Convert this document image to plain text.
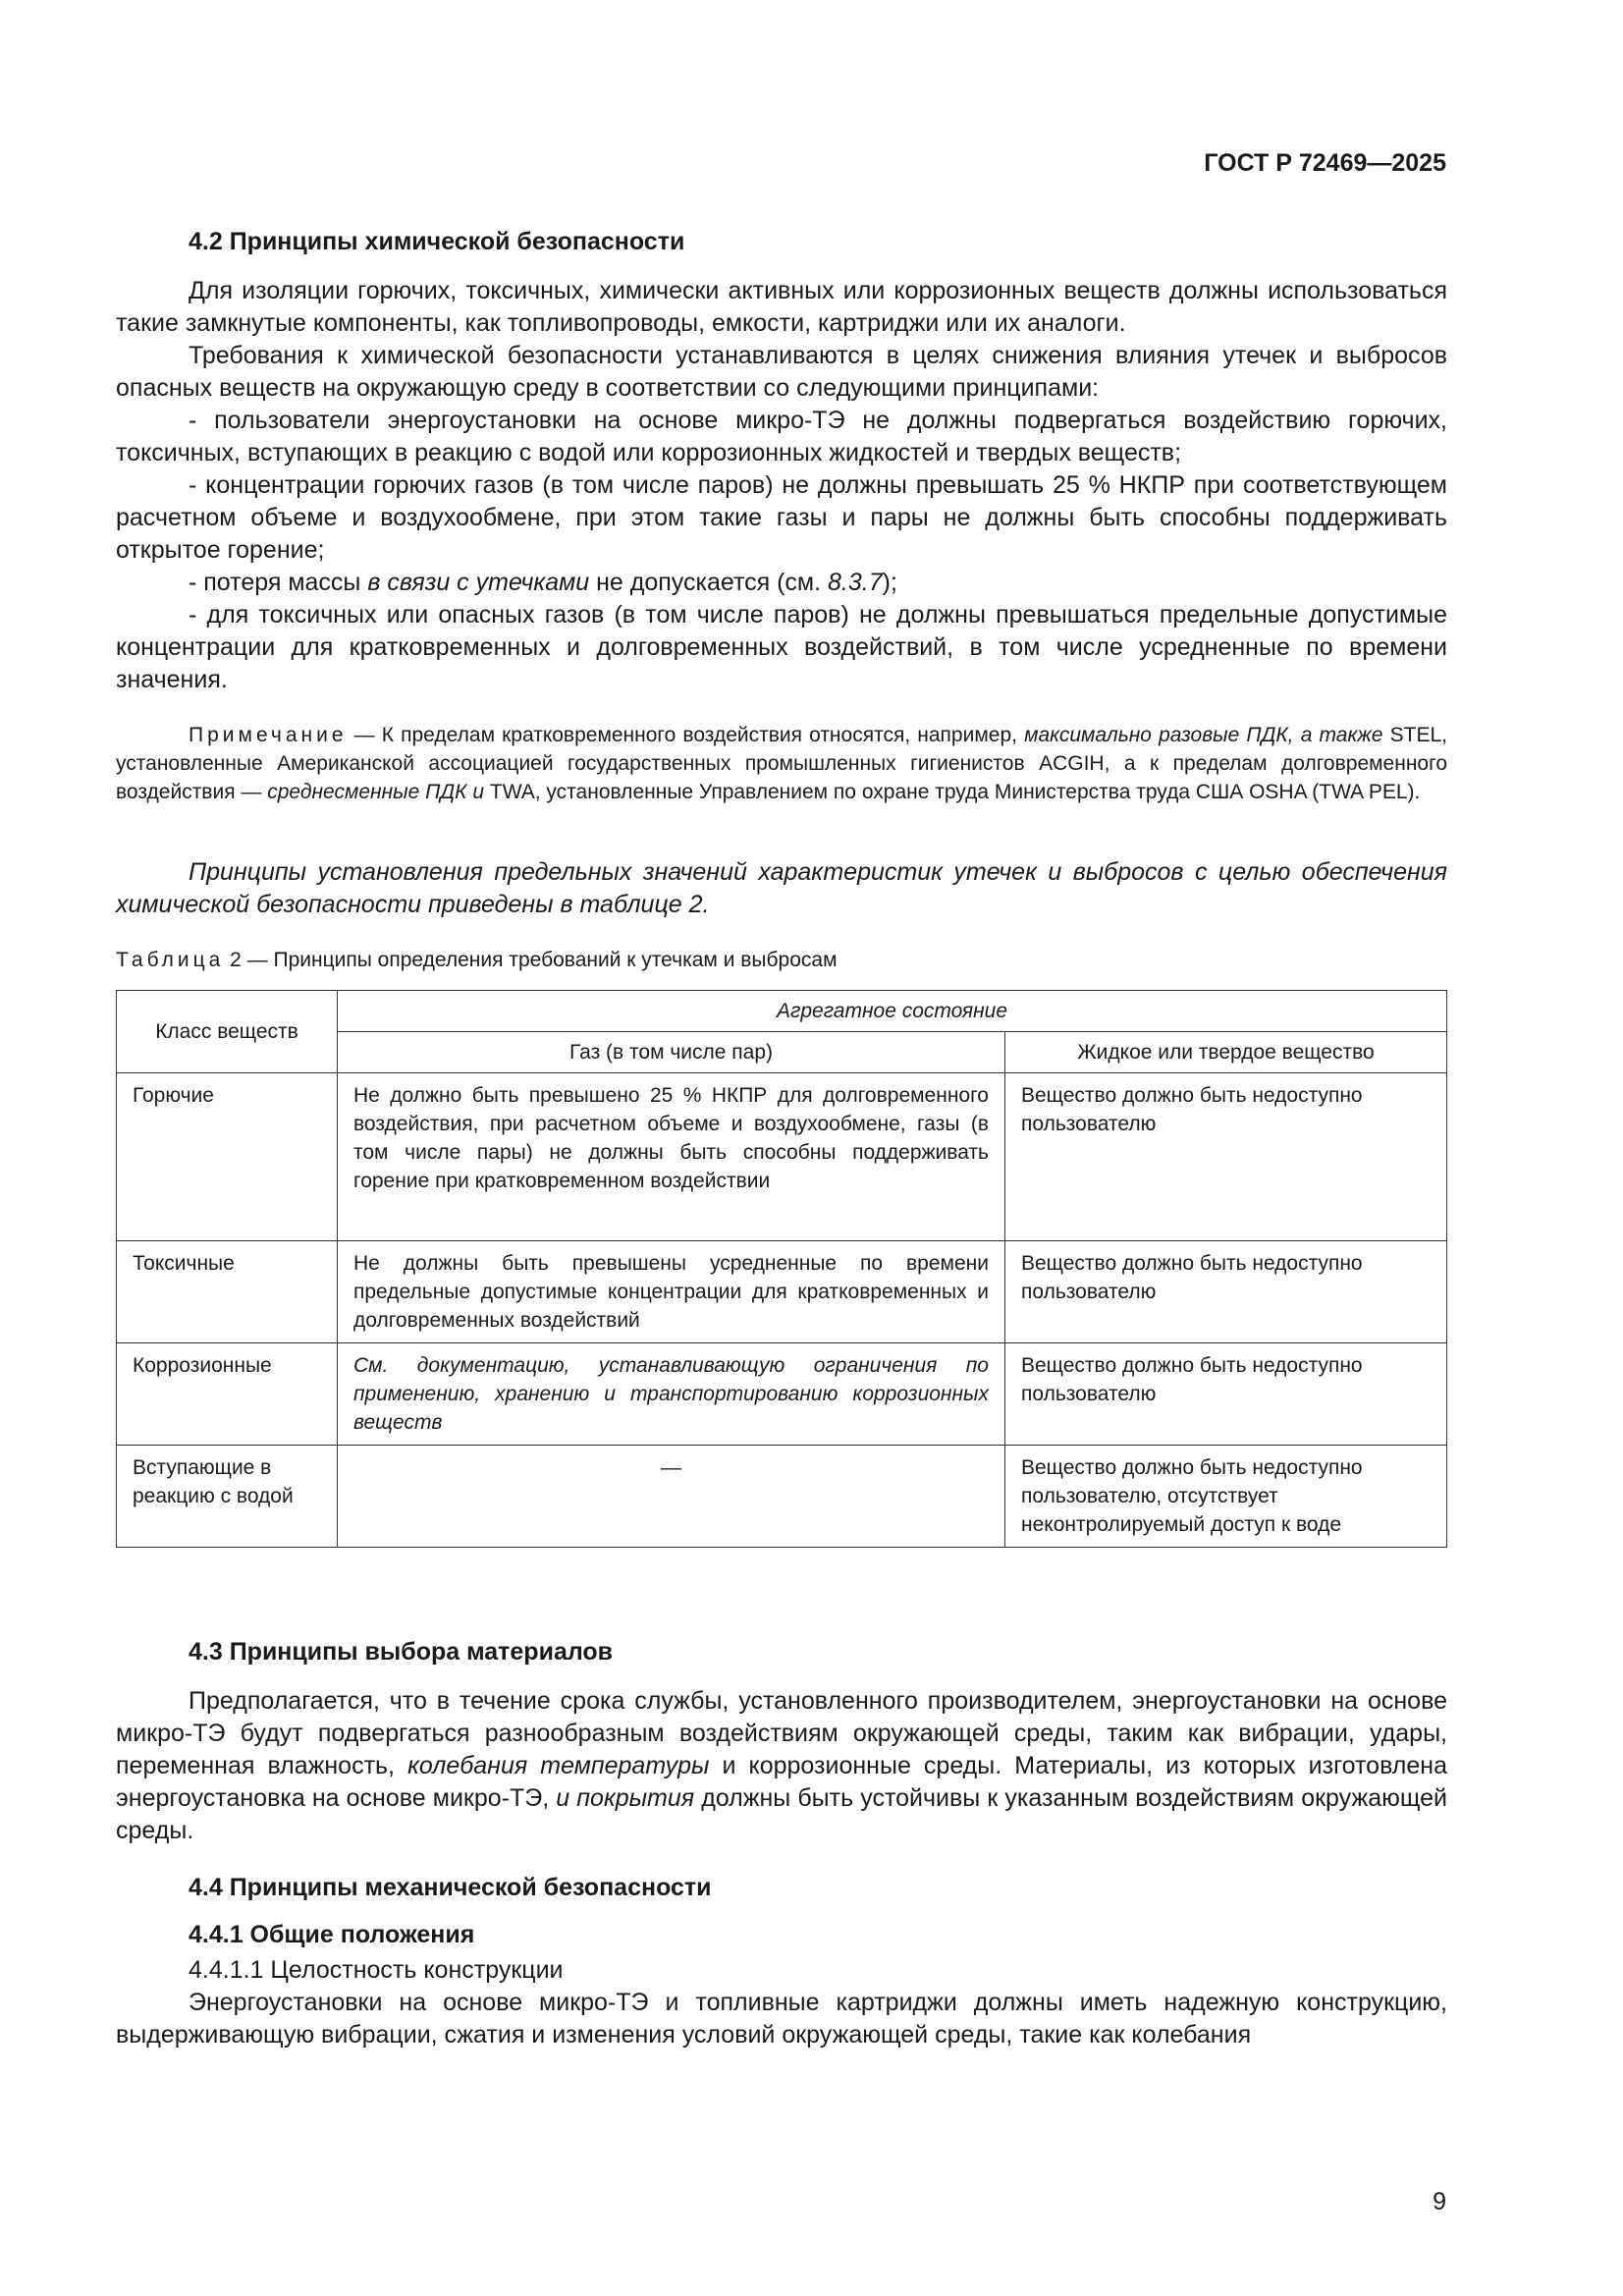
ГОСТ Р 72469—2025
4.2 Принципы химической безопасности

Для изоляции горючих, токсичных, химически активных или коррозионных веществ должны использоваться такие замкнутые компоненты, как топливопроводы, емкости, картриджи или их аналоги.

Требования к химической безопасности устанавливаются в целях снижения влияния утечек и выбросов опасных веществ на окружающую среду в соответствии со следующими принципами:

- пользователи энергоустановки на основе микро-ТЭ не должны подвергаться воздействию горючих, токсичных, вступающих в реакцию с водой или коррозионных жидкостей и твердых веществ;

- концентрации горючих газов (в том числе паров) не должны превышать 25 % НКПР при соответствующем расчетном объеме и воздухообмене, при этом такие газы и пары не должны быть способны поддерживать открытое горение;

- потеря массы в связи с утечками не допускается (см. 8.3.7);

- для токсичных или опасных газов (в том числе паров) не должны превышаться предельные допустимые концентрации для кратковременных и долговременных воздействий, в том числе усредненные по времени значения.

Примечание — К пределам кратковременного воздействия относятся, например, максимально разовые ПДК, а также STEL, установленные Американской ассоциацией государственных промышленных гигиенистов ACGIH, а к пределам долговременного воздействия — среднесменные ПДК и TWA, установленные Управлением по охране труда Министерства труда США OSHA (TWA PEL).

Принципы установления предельных значений характеристик утечек и выбросов с целью обеспечения химической безопасности приведены в таблице 2.

Таблица 2 — Принципы определения требований к утечкам и выбросам
Класс веществ	Агрегатное состояние	
	Газ (в том числе пар)	Жидкое или твердое вещество
Горючие	Не должно быть превышено 25 % НКПР для долговременного воздействия, при расчетном объеме и воздухообмене, газы (в том числе пары) не должны быть способны поддерживать горение при кратковременном воздействии	Вещество должно быть недоступно пользователю
Токсичные	Не должны быть превышены усредненные по времени предельные допустимые концентрации для кратковременных и долговременных воздействий	Вещество должно быть недоступно пользователю
Коррозионные	См. документацию, устанавливающую ограничения по применению, хранению и транспортированию коррозионных веществ	Вещество должно быть недоступно пользователю
Вступающие в реакцию с водой	—	Вещество должно быть недоступно пользователю, отсутствует неконтролируемый доступ к воде
4.3 Принципы выбора материалов

Предполагается, что в течение срока службы, установленного производителем, энергоустановки на основе микро-ТЭ будут подвергаться разнообразным воздействиям окружающей среды, таким как вибрации, удары, переменная влажность, колебания температуры и коррозионные среды. Материалы, из которых изготовлена энергоустановка на основе микро-ТЭ, и покрытия должны быть устойчивы к указанным воздействиям окружающей среды.

4.4 Принципы механической безопасности
4.4.1 Общие положения

4.4.1.1 Целостность конструкции

Энергоустановки на основе микро-ТЭ и топливные картриджи должны иметь надежную конструкцию, выдерживающую вибрации, сжатия и изменения условий окружающей среды, такие как колебания

9
